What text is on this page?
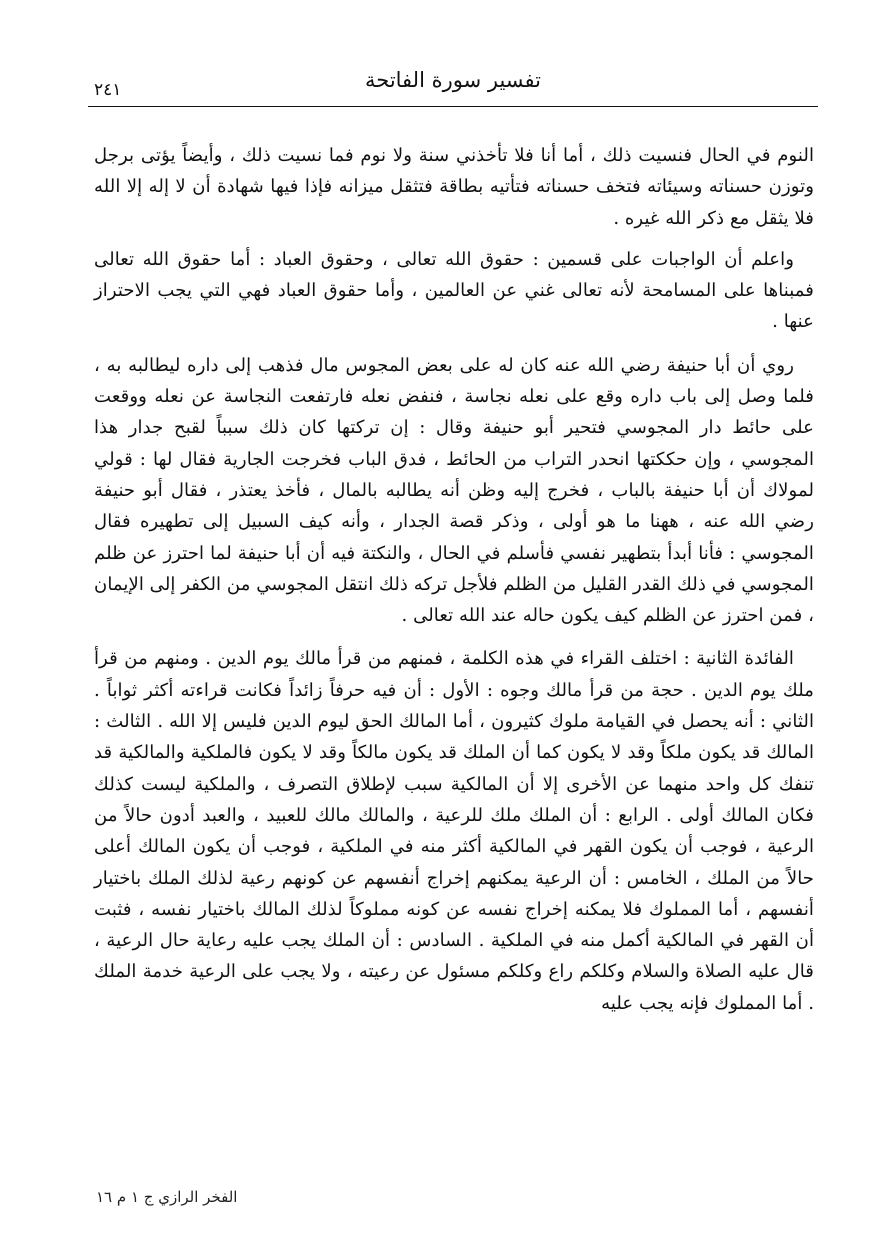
تفسير سورة الفاتحة
٢٤١

النوم في الحال فنسيت ذلك ، أما أنا فلا تأخذني سنة ولا نوم فما نسيت ذلك ، وأيضاً يؤتى برجل وتوزن حسناته وسيئاته فتخف حسناته فتأتيه بطاقة فتثقل ميزانه فإذا فيها شهادة أن لا إله إلا الله فلا يثقل مع ذكر الله غيره .

واعلم أن الواجبات على قسمين : حقوق الله تعالى ، وحقوق العباد : أما حقوق الله تعالى فمبناها على المسامحة لأنه تعالى غني عن العالمين ، وأما حقوق العباد فهي التي يجب الاحتراز عنها .

روي أن أبا حنيفة رضي الله عنه كان له على بعض المجوس مال فذهب إلى داره ليطالبه به ، فلما وصل إلى باب داره وقع على نعله نجاسة ، فنفض نعله فارتفعت النجاسة عن نعله ووقعت على حائط دار المجوسي فتحير أبو حنيفة وقال : إن تركتها كان ذلك سبباً لقبح جدار هذا المجوسي ، وإن حككتها انحدر التراب من الحائط ، فدق الباب فخرجت الجارية فقال لها : قولي لمولاك أن أبا حنيفة بالباب ، فخرج إليه وظن أنه يطالبه بالمال ، فأخذ يعتذر ، فقال أبو حنيفة رضي الله عنه ، ههنا ما هو أولى ، وذكر قصة الجدار ، وأنه كيف السبيل إلى تطهيره فقال المجوسي : فأنا أبدأ بتطهير نفسي فأسلم في الحال ، والنكتة فيه أن أبا حنيفة لما احترز عن ظلم المجوسي في ذلك القدر القليل من الظلم فلأجل تركه ذلك انتقل المجوسي من الكفر إلى الإيمان ، فمن احترز عن الظلم كيف يكون حاله عند الله تعالى .

الفائدة الثانية : اختلف القراء في هذه الكلمة ، فمنهم من قرأ مالك يوم الدين . ومنهم من قرأ ملك يوم الدين . حجة من قرأ مالك وجوه : الأول : أن فيه حرفاً زائداً فكانت قراءته أكثر ثواباً . الثاني : أنه يحصل في القيامة ملوك كثيرون ، أما المالك الحق ليوم الدين فليس إلا الله . الثالث : المالك قد يكون ملكاً وقد لا يكون كما أن الملك قد يكون مالكاً وقد لا يكون فالملكية والمالكية قد تنفك كل واحد منهما عن الأخرى إلا أن المالكية سبب لإطلاق التصرف ، والملكية ليست كذلك فكان المالك أولى . الرابع : أن الملك ملك للرعية ، والمالك مالك للعبيد ، والعبد أدون حالاً من الرعية ، فوجب أن يكون القهر في المالكية أكثر منه في الملكية ، فوجب أن يكون المالك أعلى حالاً من الملك ، الخامس : أن الرعية يمكنهم إخراج أنفسهم عن كونهم رعية لذلك الملك باختيار أنفسهم ، أما المملوك فلا يمكنه إخراج نفسه عن كونه مملوكاً لذلك المالك باختيار نفسه ، فثبت أن القهر في المالكية أكمل منه في الملكية . السادس : أن الملك يجب عليه رعاية حال الرعية ، قال عليه الصلاة والسلام وكلكم راع وكلكم مسئول عن رعيته ، ولا يجب على الرعية خدمة الملك . أما المملوك فإنه يجب عليه

الفخر الرازي ج ١ م ١٦
